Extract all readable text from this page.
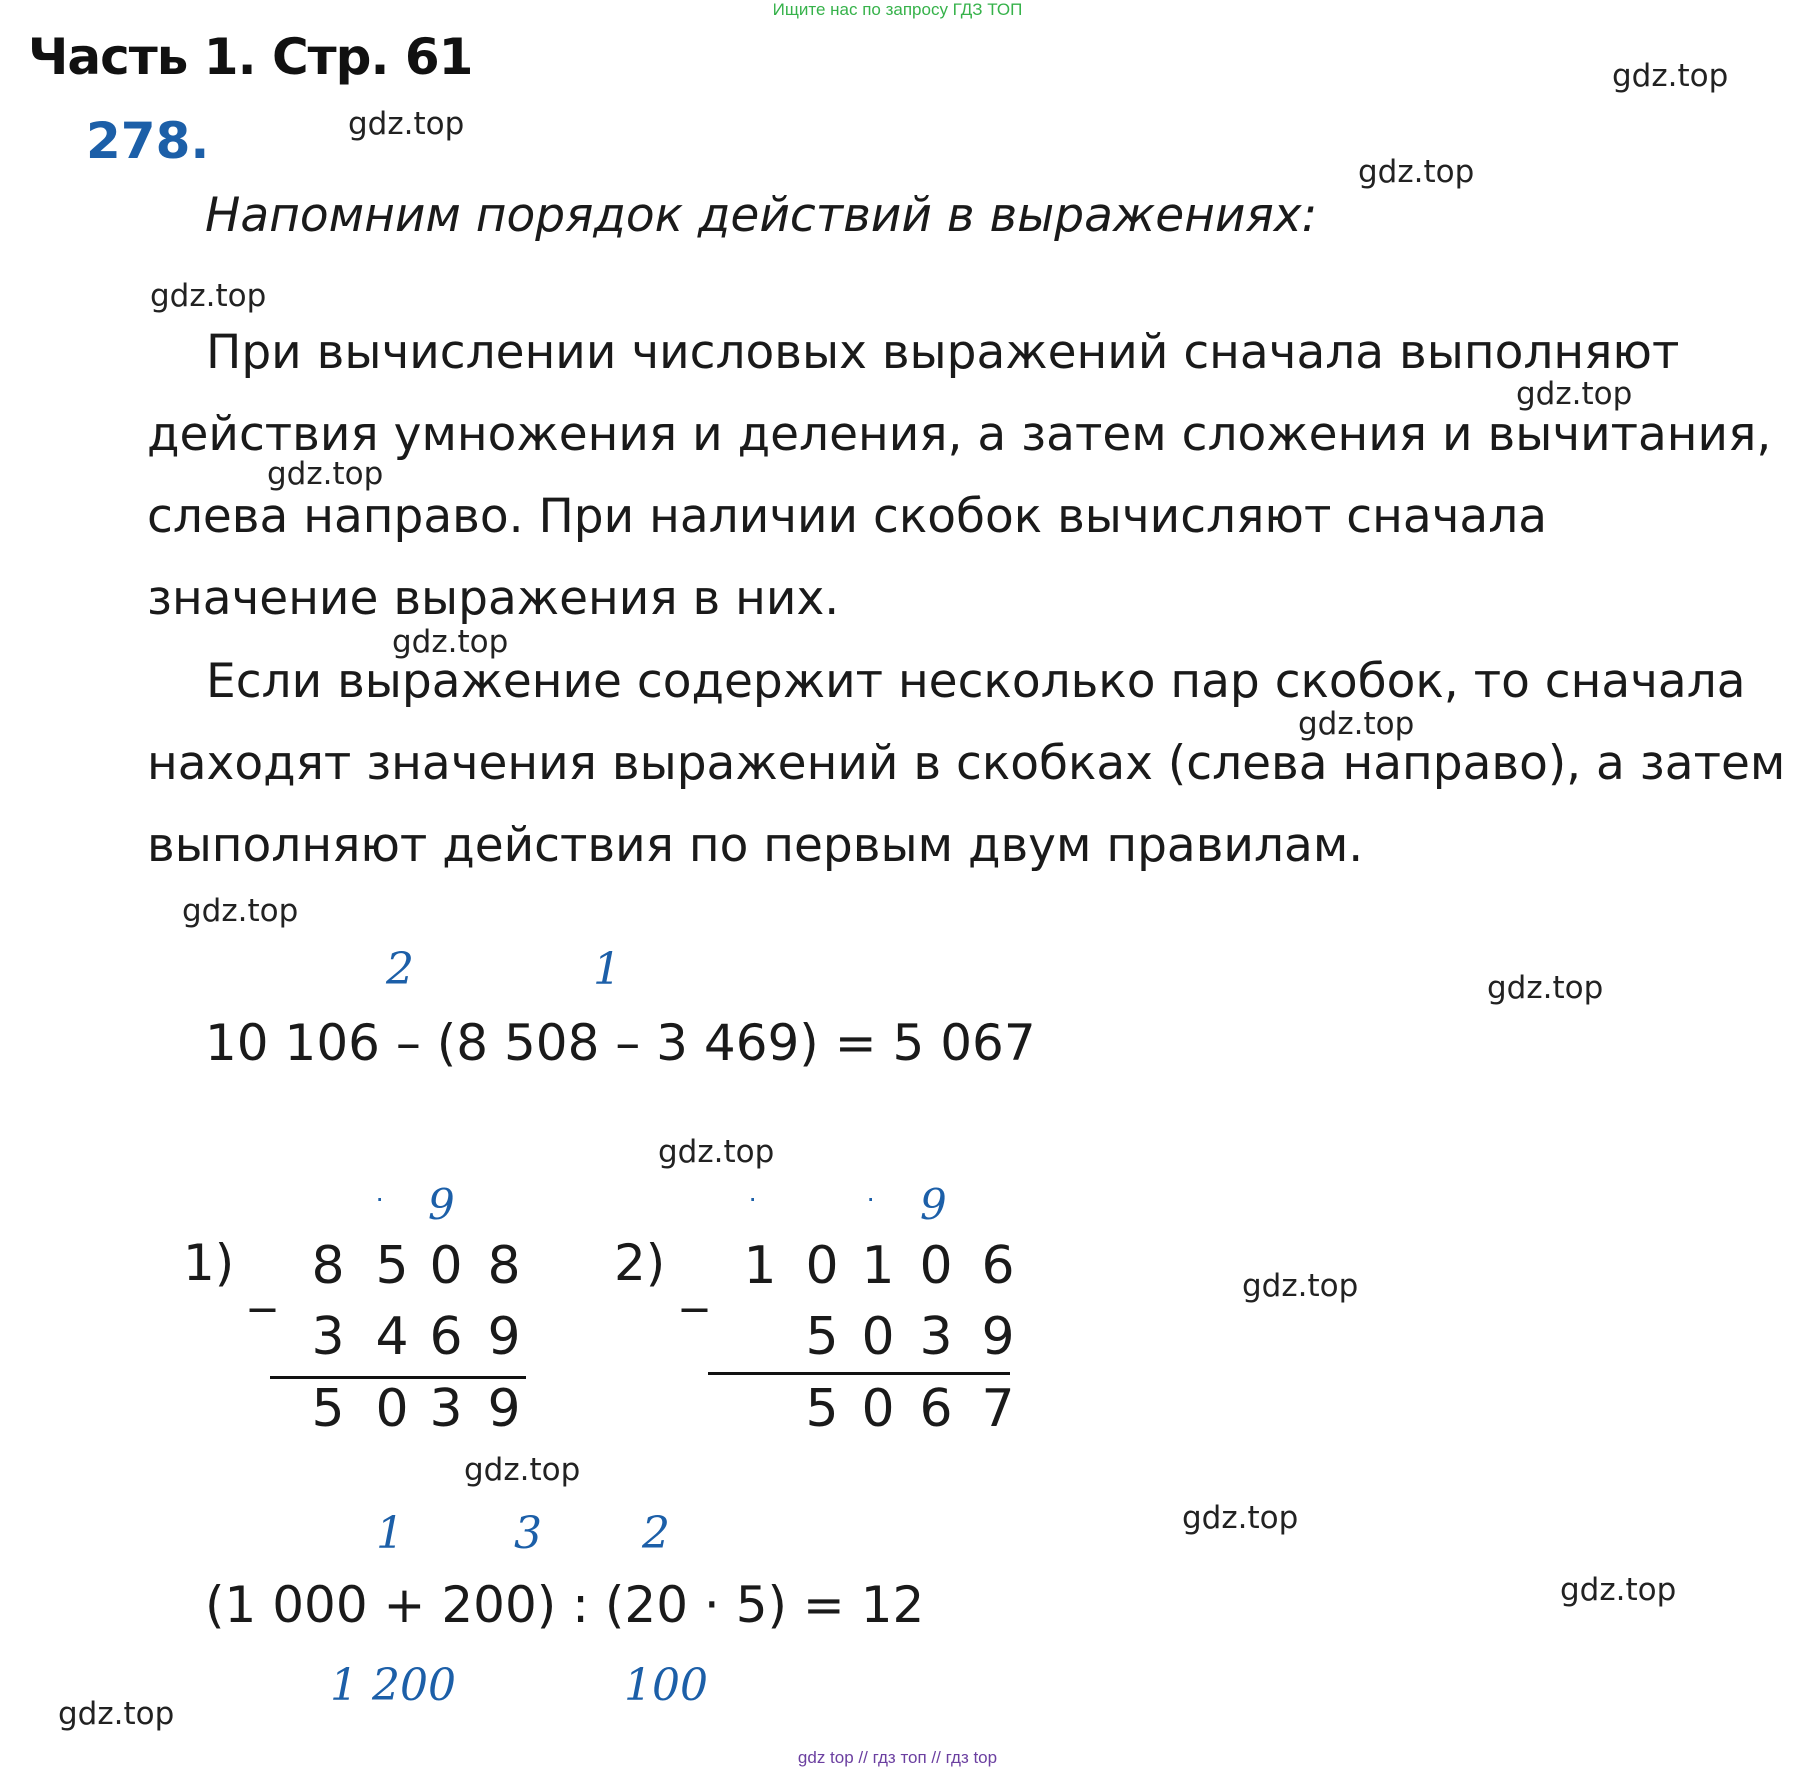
Ищите нас по запросу ГДЗ ТОП
gdz top // гдз топ // гдз top
Часть 1. Стр. 61
278.
gdz.top
gdz.top
gdz.top
gdz.top
gdz.top
gdz.top
gdz.top
gdz.top
gdz.top
gdz.top
gdz.top
gdz.top
gdz.top
gdz.top
gdz.top
gdz.top
Напомним порядок действий в выражениях:

При вычислении числовых выражений сначала выполняют действия умножения и деления, а затем сложения и вычитания, слева направо. При наличии скобок вычисляют сначала значение выражения в них.

Если выражение содержит несколько пар скобок, то сначала находят значения выражений в скобках (слева направо), а затем выполняют действия по первым двум правилам.

2	1
10 106 – (8 508 – 3 469) = 5 067
1) _
· 9
8 5 0 8
3 4 6 9
5 0 3 9
2) _
·	· 9
1 0 1 0 6
5 0 3 9
5 0 6 7
1	3 2
(1 000 + 200) : (20 · 5) = 12
1 200	100
